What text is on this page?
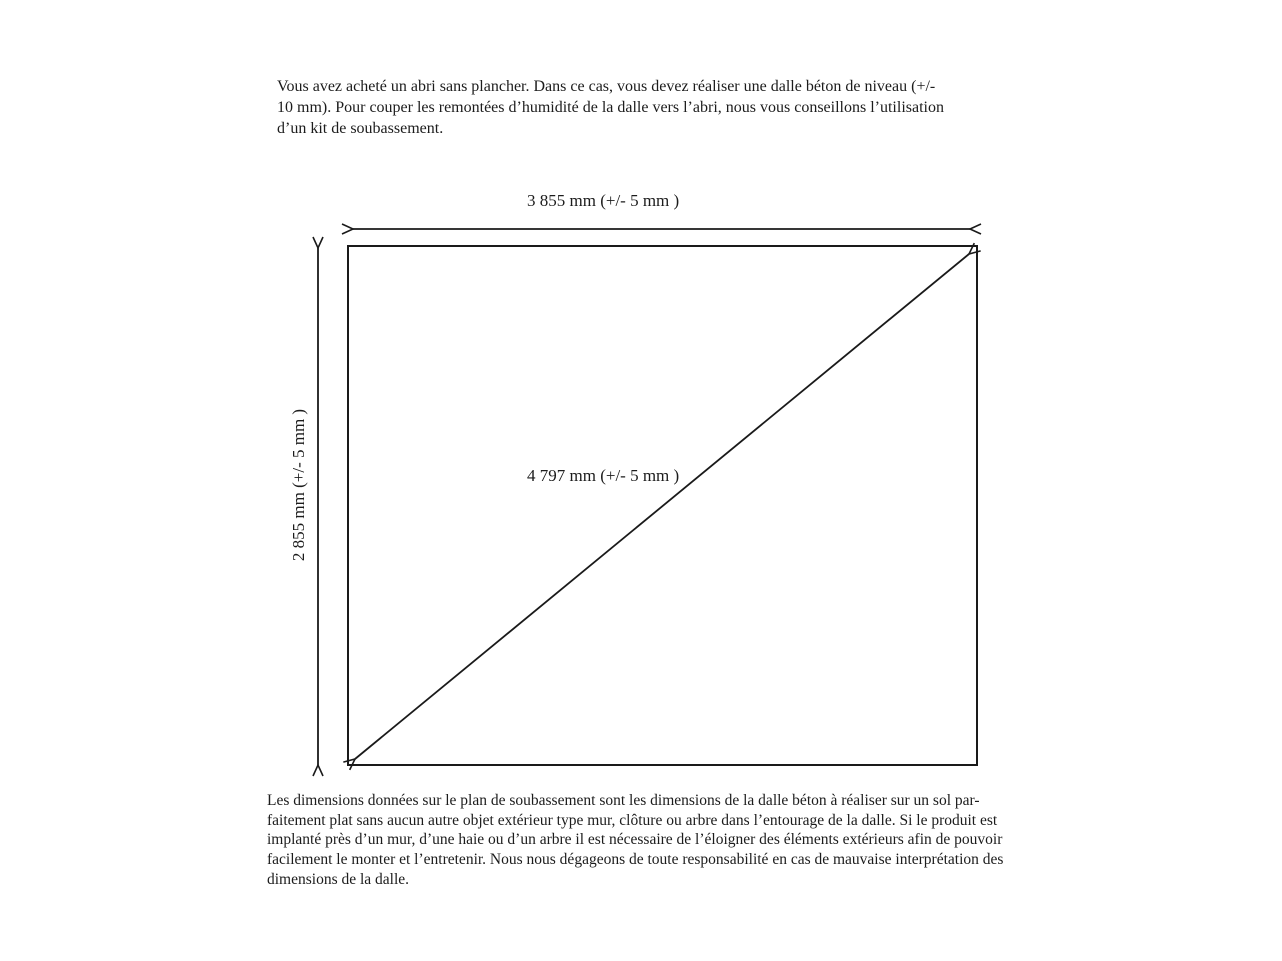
Vous avez acheté un abri sans plancher. Dans ce cas, vous devez réaliser une dalle béton de niveau (+/-
10 mm). Pour couper les remontées d’humidité de la dalle vers l’abri, nous vous conseillons l’utilisation
d’un kit de soubassement.
3 855 mm (+/- 5 mm )
2 855 mm (+/- 5 mm )	4 797 mm (+/- 5 mm )
Les dimensions données sur le plan de soubassement sont les dimensions de la dalle béton à réaliser sur un sol par-
faitement plat sans aucun autre objet extérieur type mur, clôture ou arbre dans l’entourage de la dalle. Si le produit est
implanté près d’un mur, d’une haie ou d’un arbre il est nécessaire de l’éloigner des éléments extérieurs afin de pouvoir
facilement le monter et l’entretenir. Nous nous dégageons de toute responsabilité en cas de mauvaise interprétation des
dimensions de la dalle.
